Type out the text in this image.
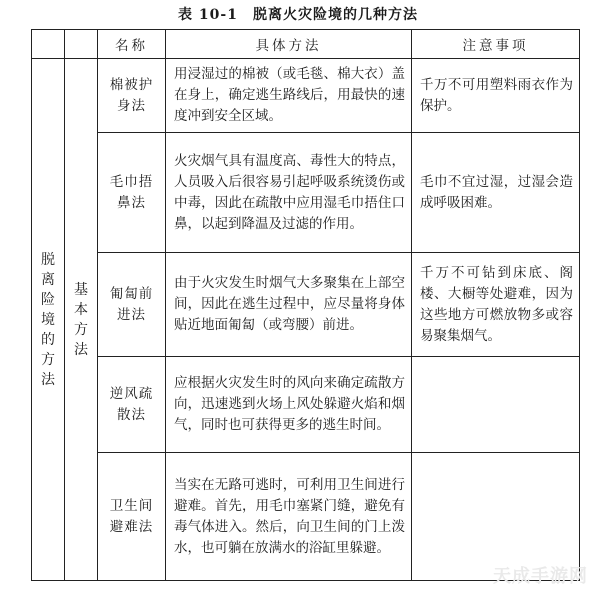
表 10-1　脱离火灾险境的几种方法
		名称	具体方法	注意事项
脱离险境的方法	基本方法	棉被护身法	用浸湿过的棉被（或毛毯、棉大衣）盖在身上，确定逃生路线后，用最快的速度冲到安全区域。	千万不可用塑料雨衣作为保护。
		毛巾捂鼻法	火灾烟气具有温度高、毒性大的特点，人员吸入后很容易引起呼吸系统烫伤或中毒，因此在疏散中应用湿毛巾捂住口鼻，以起到降温及过滤的作用。	毛巾不宜过湿，过湿会造成呼吸困难。
		匍匐前进法	由于火灾发生时烟气大多聚集在上部空间，因此在逃生过程中，应尽量将身体贴近地面匍匐（或弯腰）前进。	千万不可钻到床底、阁楼、大橱等处避难，因为这些地方可燃放物多或容易聚集烟气。
		逆风疏散法	应根据火灾发生时的风向来确定疏散方向，迅速逃到火场上风处躲避火焰和烟气，同时也可获得更多的逃生时间。	
		卫生间避难法	当实在无路可逃时，可利用卫生间进行避难。首先，用毛巾塞紧门缝，避免有毒气体进入。然后，向卫生间的门上泼水，也可躺在放满水的浴缸里躲避。	
天成手游网
